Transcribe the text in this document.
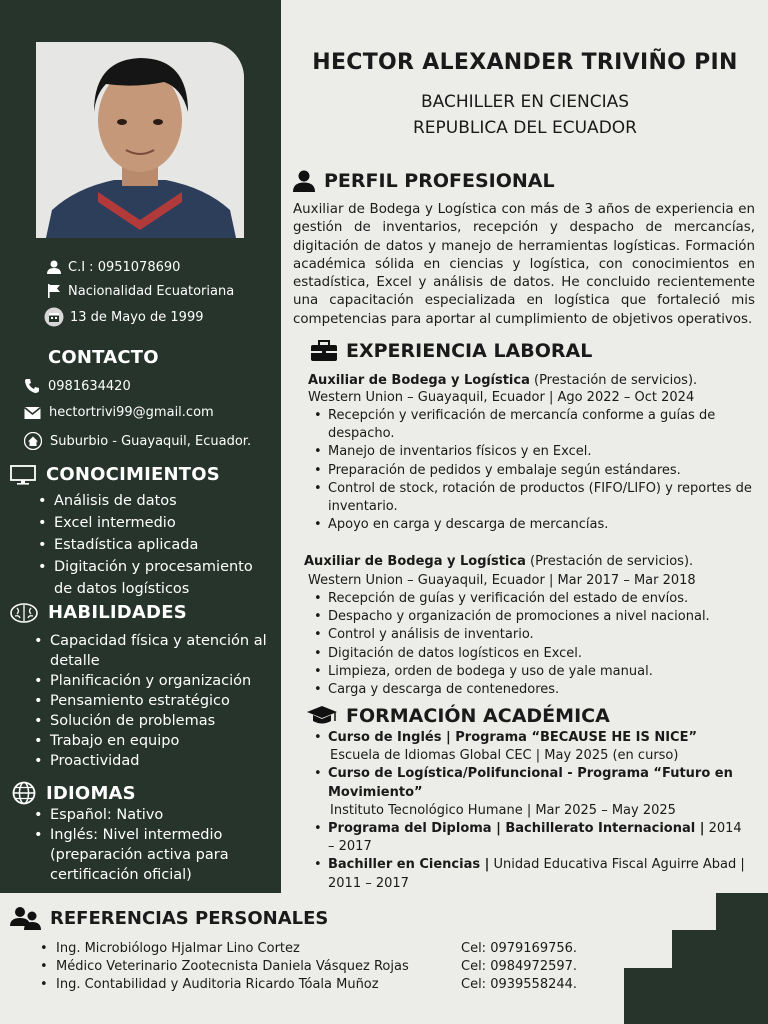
C.I : 0951078690
Nacionalidad Ecuatoriana
13 de Mayo de 1999
CONTACTO
0981634420
hectortrivi99@gmail.com
Suburbio - Guayaquil, Ecuador.
CONOCIMIENTOS
• Análisis de datos
• Excel intermedio
• Estadística aplicada
• Digitación y procesamiento de datos logísticos
HABILIDADES
• Capacidad física y atención al detalle
• Planificación y organización
• Pensamiento estratégico
• Solución de problemas
• Trabajo en equipo
• Proactividad
IDIOMAS
• Español: Nativo
• Inglés: Nivel intermedio (preparación activa para certificación oficial)
HECTOR ALEXANDER TRIVIÑO PIN
BACHILLER EN CIENCIAS
REPUBLICA DEL ECUADOR
PERFIL PROFESIONAL

Auxiliar de Bodega y Logística con más de 3 años de experiencia en gestión de inventarios, recepción y despacho de mercancías, digitación de datos y manejo de herramientas logísticas. Formación académica sólida en ciencias y logística, con conocimientos en estadística, Excel y análisis de datos. He concluido recientemente una capacitación especializada en logística que fortaleció mis competencias para aportar al cumplimiento de objetivos operativos.

EXPERIENCIA LABORAL
Auxiliar de Bodega y Logística (Prestación de servicios).
Western Union – Guayaquil, Ecuador | Ago 2022 – Oct 2024
• Recepción y verificación de mercancía conforme a guías de despacho.
• Manejo de inventarios físicos y en Excel.
• Preparación de pedidos y embalaje según estándares.
• Control de stock, rotación de productos (FIFO/LIFO) y reportes de inventario.
• Apoyo en carga y descarga de mercancías.
Auxiliar de Bodega y Logística (Prestación de servicios).
Western Union – Guayaquil, Ecuador | Mar 2017 – Mar 2018
• Recepción de guías y verificación del estado de envíos.
• Despacho y organización de promociones a nivel nacional.
• Control y análisis de inventario.
• Digitación de datos logísticos en Excel.
• Limpieza, orden de bodega y uso de yale manual.
• Carga y descarga de contenedores.
FORMACIÓN ACADÉMICA
• Curso de Inglés | Programa “BECAUSE HE IS NICE”
Escuela de Idiomas Global CEC | May 2025 (en curso)
• Curso de Logística/Polifuncional - Programa “Futuro en Movimiento”
Instituto Tecnológico Humane | Mar 2025 – May 2025
• Programa del Diploma | Bachillerato Internacional | 2014 – 2017
• Bachiller en Ciencias | Unidad Educativa Fiscal Aguirre Abad | 2011 – 2017
REFERENCIAS PERSONALES
Ing. Microbiólogo Hjalmar Lino Cortez	Cel: 0979169756.
Médico Veterinario Zootecnista Daniela Vásquez Rojas	Cel: 0984972597.
Ing. Contabilidad y Auditoria Ricardo Tóala Muñoz	Cel: 0939558244.
